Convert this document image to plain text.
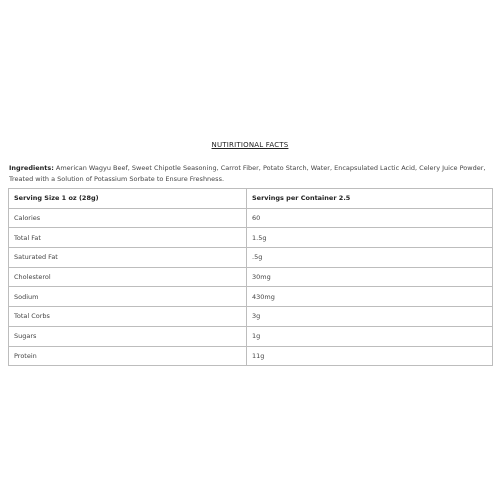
NUTIRITIONAL FACTS
Ingredients: American Wagyu Beef, Sweet Chipotle Seasoning, Carrot Fiber, Potato Starch, Water, Encapsulated Lactic Acid, Celery Juice Powder, Treated with a Solution of Potassium Sorbate to Ensure Freshness.
Serving Size 1 oz (28g)	Servings per Container 2.5
Calories	60
Total Fat	1.5g
Saturated Fat	.5g
Cholesterol	30mg
Sodium	430mg
Total Corbs	3g
Sugars	1g
Protein	11g
